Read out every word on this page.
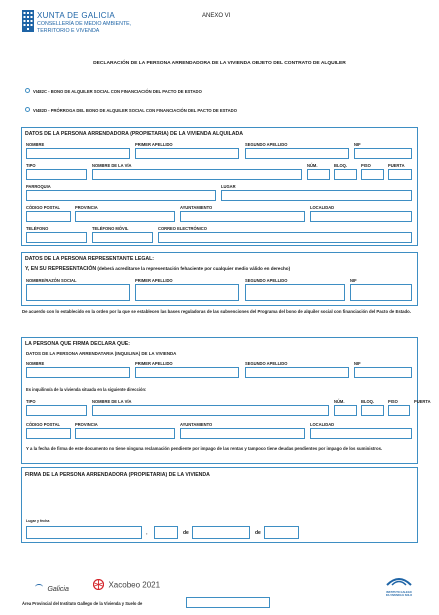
XUNTA DE GALICIA
CONSELLERÍA DE MEDIO AMBIENTE,
TERRITORIO E VIVENDA
ANEXO VI
DECLARACIÓN DE LA PERSONA ARRENDADORA DE LA VIVIENDA OBJETO DEL CONTRATO DE ALQUILER
VI482C - BONO DE ALQUILER SOCIAL CON FINANCIACIÓN DEL PACTO DE ESTADO
VI482D - PRÓRROGA DEL BONO DE ALQUILER SOCIAL CON FINANCIACIÓN DEL PACTO DE ESTADO
DATOS DE LA PERSONA ARRENDADORA (PROPIETARIA) DE LA VIVIENDA ALQUILADA
NOMBRE	PRIMER APELLIDO	SEGUNDO APELLIDO	NIF
TIPO	NOMBRE DE LA VÍA	NÚM.	BLOQ.	PISO	PUERTA
PARROQUIA	LUGAR
CÓDIGO POSTAL	PROVINCIA	AYUNTAMIENTO	LOCALIDAD
TELÉFONO	TELÉFONO MÓVIL	CORREO ELECTRÓNICO
DATOS DE LA PERSONA REPRESENTANTE LEGAL:
Y, EN SU REPRESENTACIÓN (deberá acreditarse la representación fehaciente por cualquier medio válido en derecho)
NOMBRE/RAZÓN SOCIAL	PRIMER APELLIDO	SEGUNDO APELLIDO	NIF
De acuerdo con lo establecido en la orden por la que se establecen las bases reguladoras de las subvenciones del Programa del bono de alquiler social con financiación del Pacto de Estado.
LA PERSONA QUE FIRMA DECLARA QUE:
DATOS DE LA PERSONA ARRENDATARIA (INQUILINA) DE LA VIVIENDA
NOMBRE	PRIMER APELLIDO	SEGUNDO APELLIDO	NIF
Es inquilino/a de la vivienda situada en la siguiente dirección:
TIPO	NOMBRE DE LA VÍA	NÚM.	BLOQ.	PISO	PUERTA
CÓDIGO POSTAL	PROVINCIA	AYUNTAMIENTO	LOCALIDAD
Y a la fecha de firma de este documento no tiene ninguna reclamación pendiente por impago de las rentas y tampoco tiene deudas pendientes por impago de los suministros.
FIRMA DE LA PERSONA ARRENDADORA (PROPIETARIA) DE LA VIVIENDA
Lugar y fecha
,	de	de
Galicia
Xacobeo 2021
INSTITUTO GALEGO
DA VIVENDA E SOLO
Área Provincial del Instituto Gallego de la Vivienda y Suelo de
